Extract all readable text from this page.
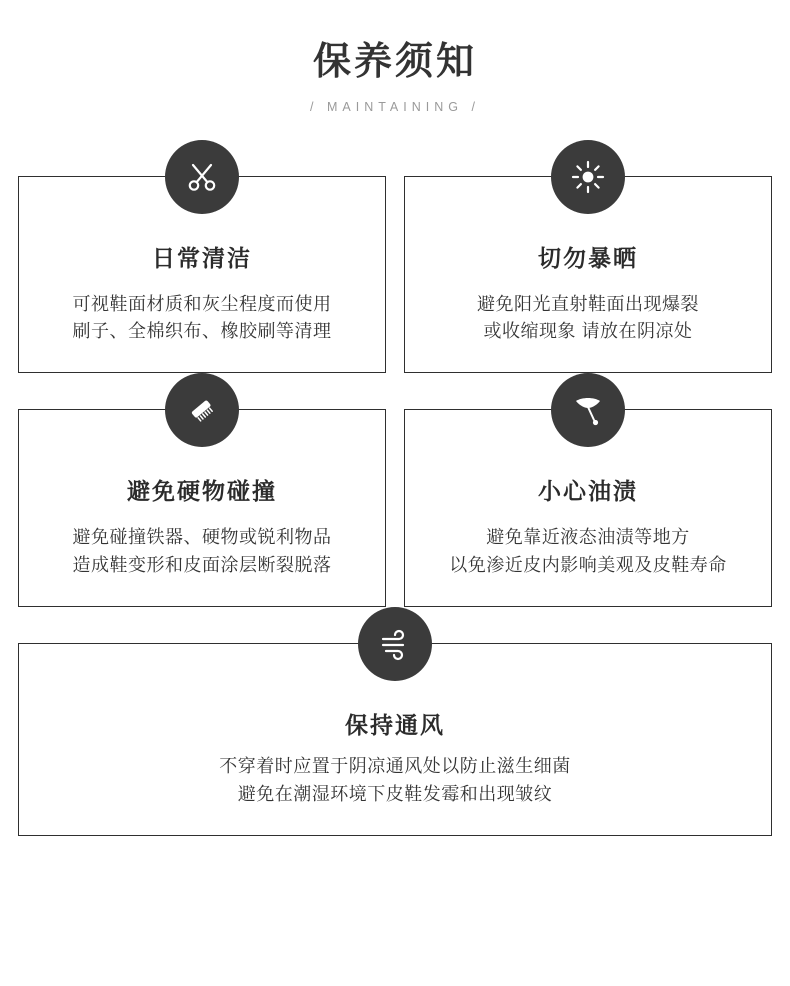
保养须知
/ MAINTAINING /
日常清洁

可视鞋面材质和灰尘程度而使用
刷子、全棉织布、橡胶刷等清理

切勿暴晒

避免阳光直射鞋面出现爆裂
或收缩现象 请放在阴凉处

避免硬物碰撞

避免碰撞铁器、硬物或锐利物品
造成鞋变形和皮面涂层断裂脱落

小心油渍

避免靠近液态油渍等地方
以免渗近皮内影响美观及皮鞋寿命

保持通风

不穿着时应置于阴凉通风处以防止滋生细菌
避免在潮湿环境下皮鞋发霉和出现皱纹
